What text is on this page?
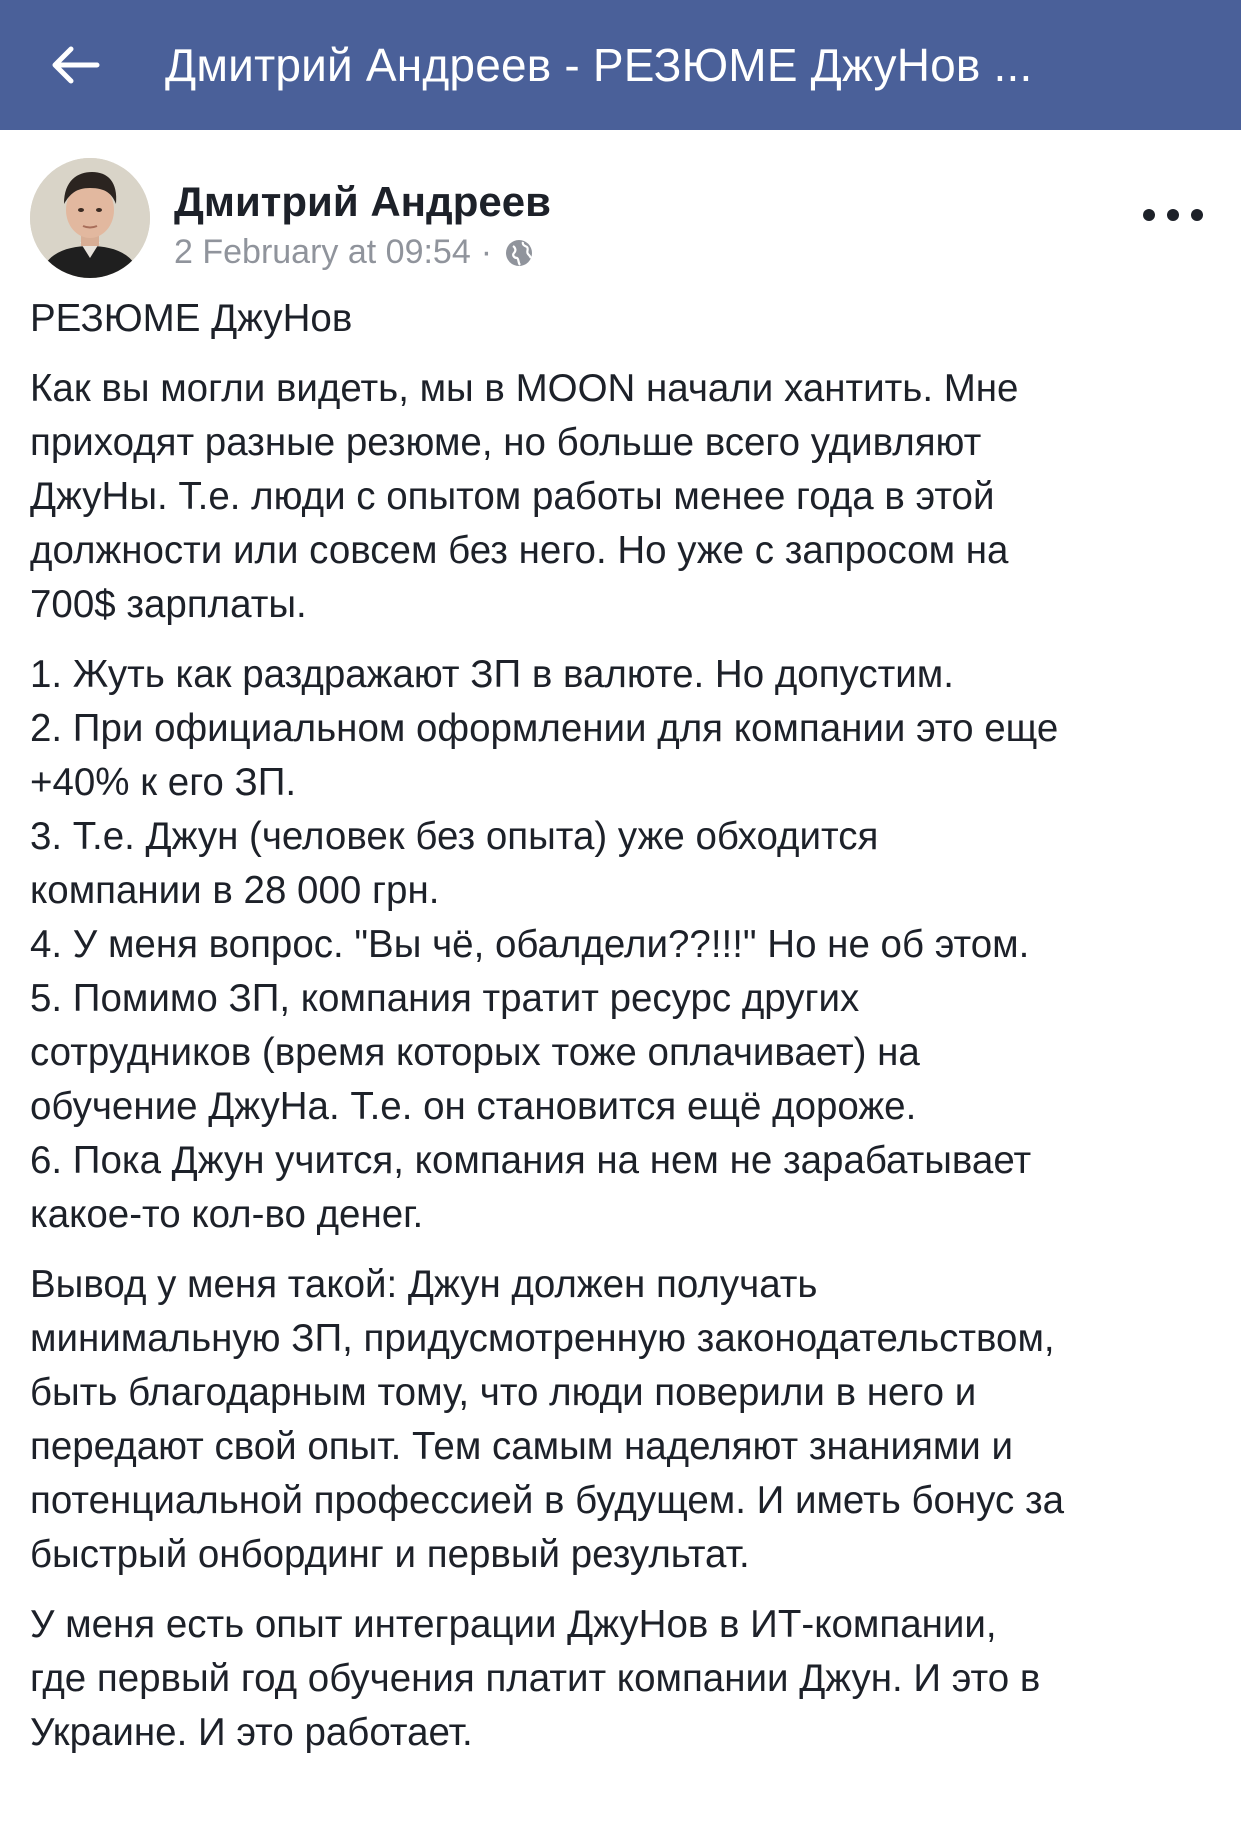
Дмитрий Андреев - РЕЗЮМЕ ДжуНов ...
Дмитрий Андреев
2 February at 09:54 ·

РЕЗЮМЕ ДжуНов

Как вы могли видеть, мы в MOON начали хантить. Мне
приходят разные резюме, но больше всего удивляют
ДжуНы. Т.е. люди с опытом работы менее года в этой
должности или совсем без него. Но уже с запросом на
700$ зарплаты.

1. Жуть как раздражают ЗП в валюте. Но допустим.
2. При официальном оформлении для компании это еще
+40% к его ЗП.
3. Т.е. Джун (человек без опыта) уже обходится
компании в 28 000 грн.
4. У меня вопрос. "Вы чё, обалдели??!!!" Но не об этом.
5. Помимо ЗП, компания тратит ресурс других
сотрудников (время которых тоже оплачивает) на
обучение ДжуНа. Т.е. он становится ещё дороже.
6. Пока Джун учится, компания на нем не зарабатывает
какое-то кол-во денег.

Вывод у меня такой: Джун должен получать
минимальную ЗП, придусмотренную законодательством,
быть благодарным тому, что люди поверили в него и
передают свой опыт. Тем самым наделяют знаниями и
потенциальной профессией в будущем. И иметь бонус за
быстрый онбординг и первый результат.

У меня есть опыт интеграции ДжуНов в ИТ-компании,
где первый год обучения платит компании Джун. И это в
Украине. И это работает.
